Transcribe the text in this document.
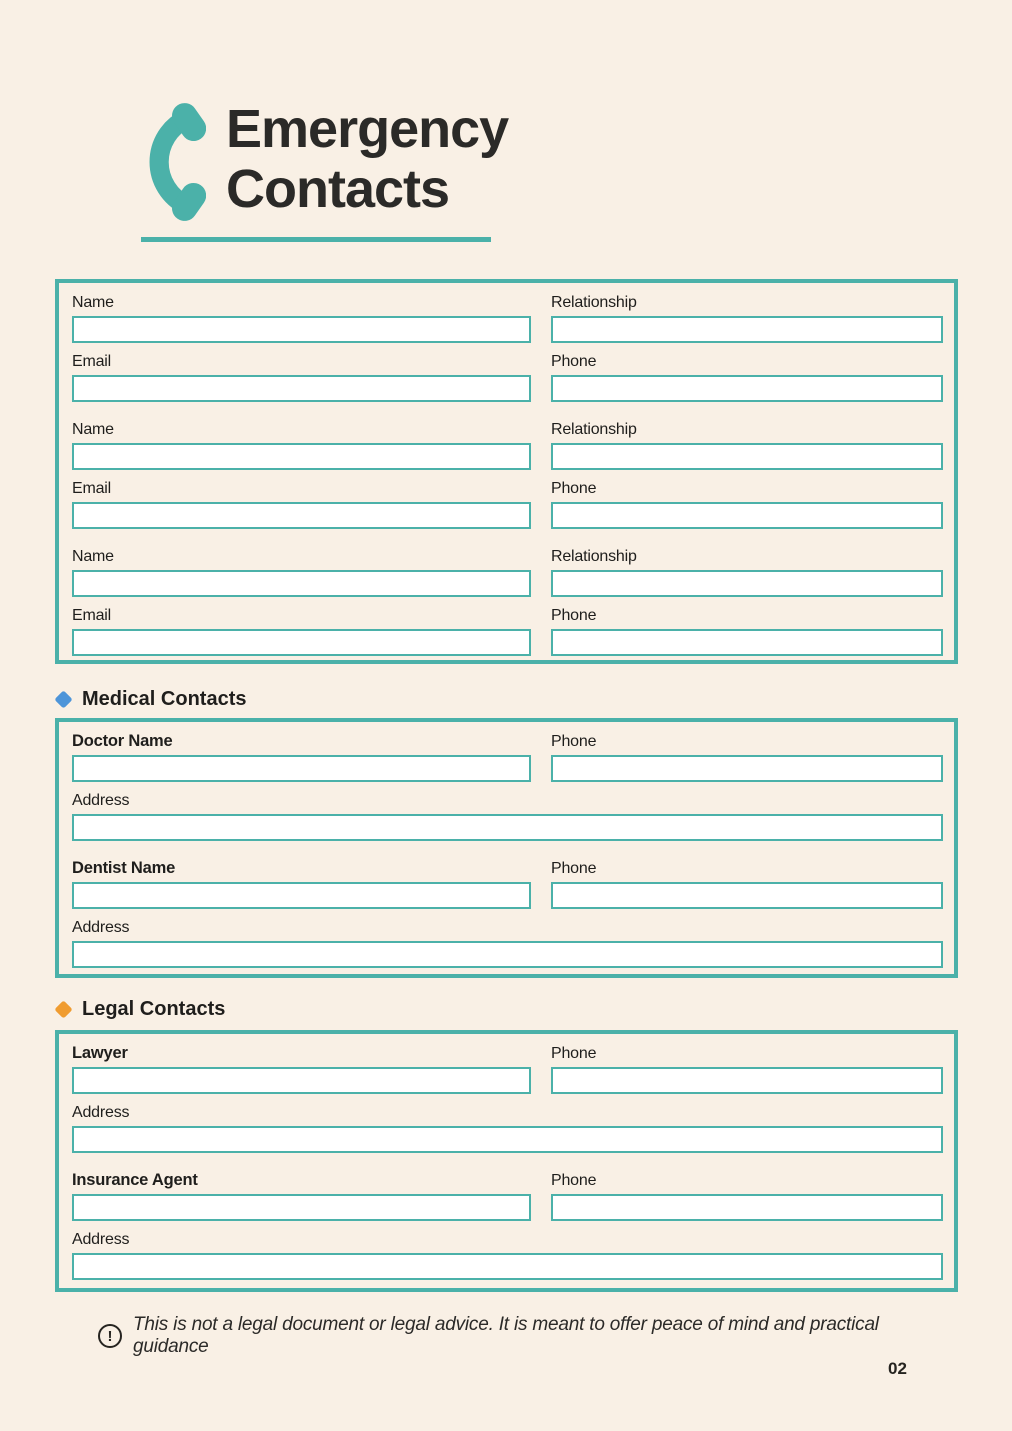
Emergency
Contacts
Name	Relationship
Email	Phone
Name	Relationship
Email	Phone
Name	Relationship
Email	Phone
Medical Contacts
Doctor Name	Phone
Address
Dentist Name	Phone
Address
Legal Contacts
Lawyer	Phone
Address
Insurance Agent	Phone
Address
!
This is not a legal document or legal advice. It is meant to offer peace of mind and practical guidance
02
